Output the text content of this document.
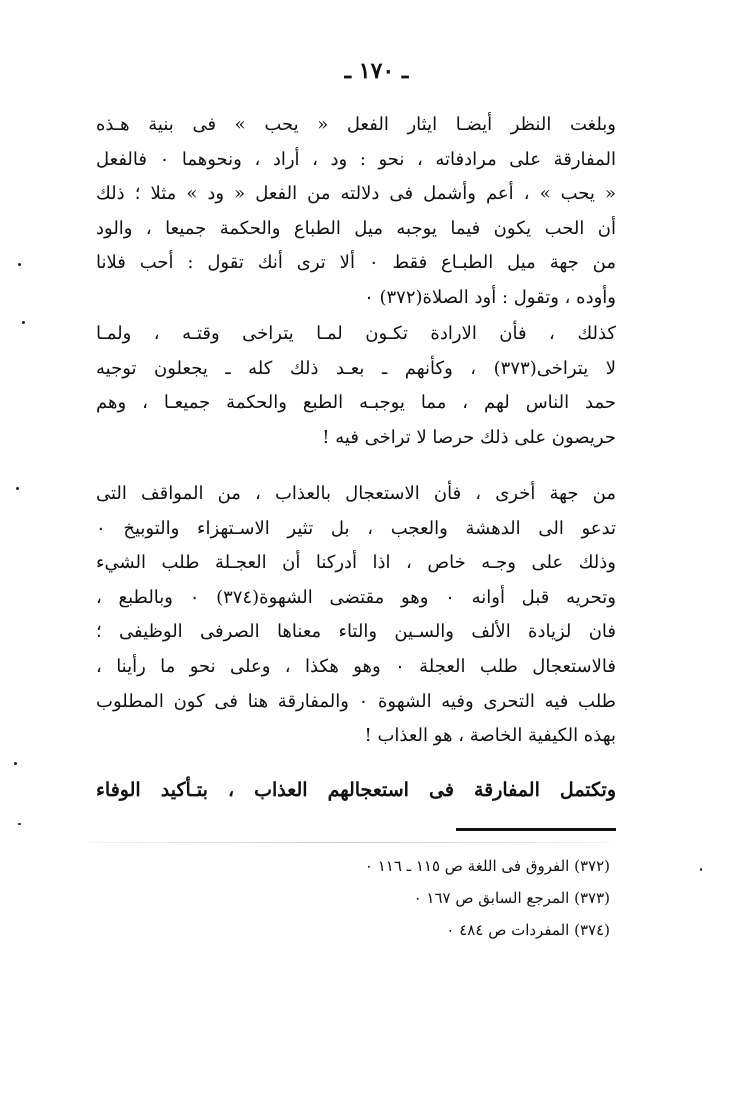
ـ ١٧٠ ـ
وبلغت النظر أيضـا ايثار الفعل « يحب » فى بنية هـذه
المفارقة على مرادفاته ، نحو : ود ، أراد ، ونحوهما ٠ فالفعل
« يحب » ، أعم وأشمل فى دلالته من الفعل « ود » مثلا ؛ ذلك
أن الحب يكون فيما يوجبه ميل الطباع والحكمة جميعا ، والود
من جهة ميل الطبـاع فقط ٠ ألا ترى أنك تقول : أحب فلانا
وأوده ، وتقول : أود الصلاة(٣٧٢) ٠
كذلك ، فأن الارادة تكـون لمـا يتراخى وقتـه ، ولمـا
لا يتراخى(٣٧٣) ، وكأنهم ـ بعـد ذلك كله ـ يجعلون توجيه
حمد الناس لهم ، مما يوجبـه الطبع والحكمة جميعـا ، وهم
حريصون على ذلك حرصا لا تراخى فيه !
من جهة أخرى ، فأن الاستعجال بالعذاب ، من المواقف التى
تدعو الى الدهشة والعجب ، بل تثير الاسـتهزاء والتوبيخ ٠
وذلك على وجـه خاص ، اذا أدركنا أن العجـلة طلب الشيء
وتحريه قبل أوانه ٠ وهو مقتضى الشهوة(٣٧٤) ٠ وبالطبع ،
فان لزيادة الألف والسـين والتاء معناها الصرفى الوظيفى ؛
فالاستعجال طلب العجلة ٠ وهو هكذا ، وعلى نحو ما رأينا ،
طلب فيه التحرى وفيه الشهوة ٠ والمفارقة هنا فى كون المطلوب
بهذه الكيفية الخاصة ، هو العذاب !
وتكتمل المفارقة فى استعجالهم العذاب ، بتـأكيد الوفاء
(٣٧٢) الفروق فى اللغة ص ١١٥ ـ ١١٦ ٠
(٣٧٣) المرجع السابق ص ١٦٧ ٠
(٣٧٤) المفردات ص ٤٨٤ ٠
